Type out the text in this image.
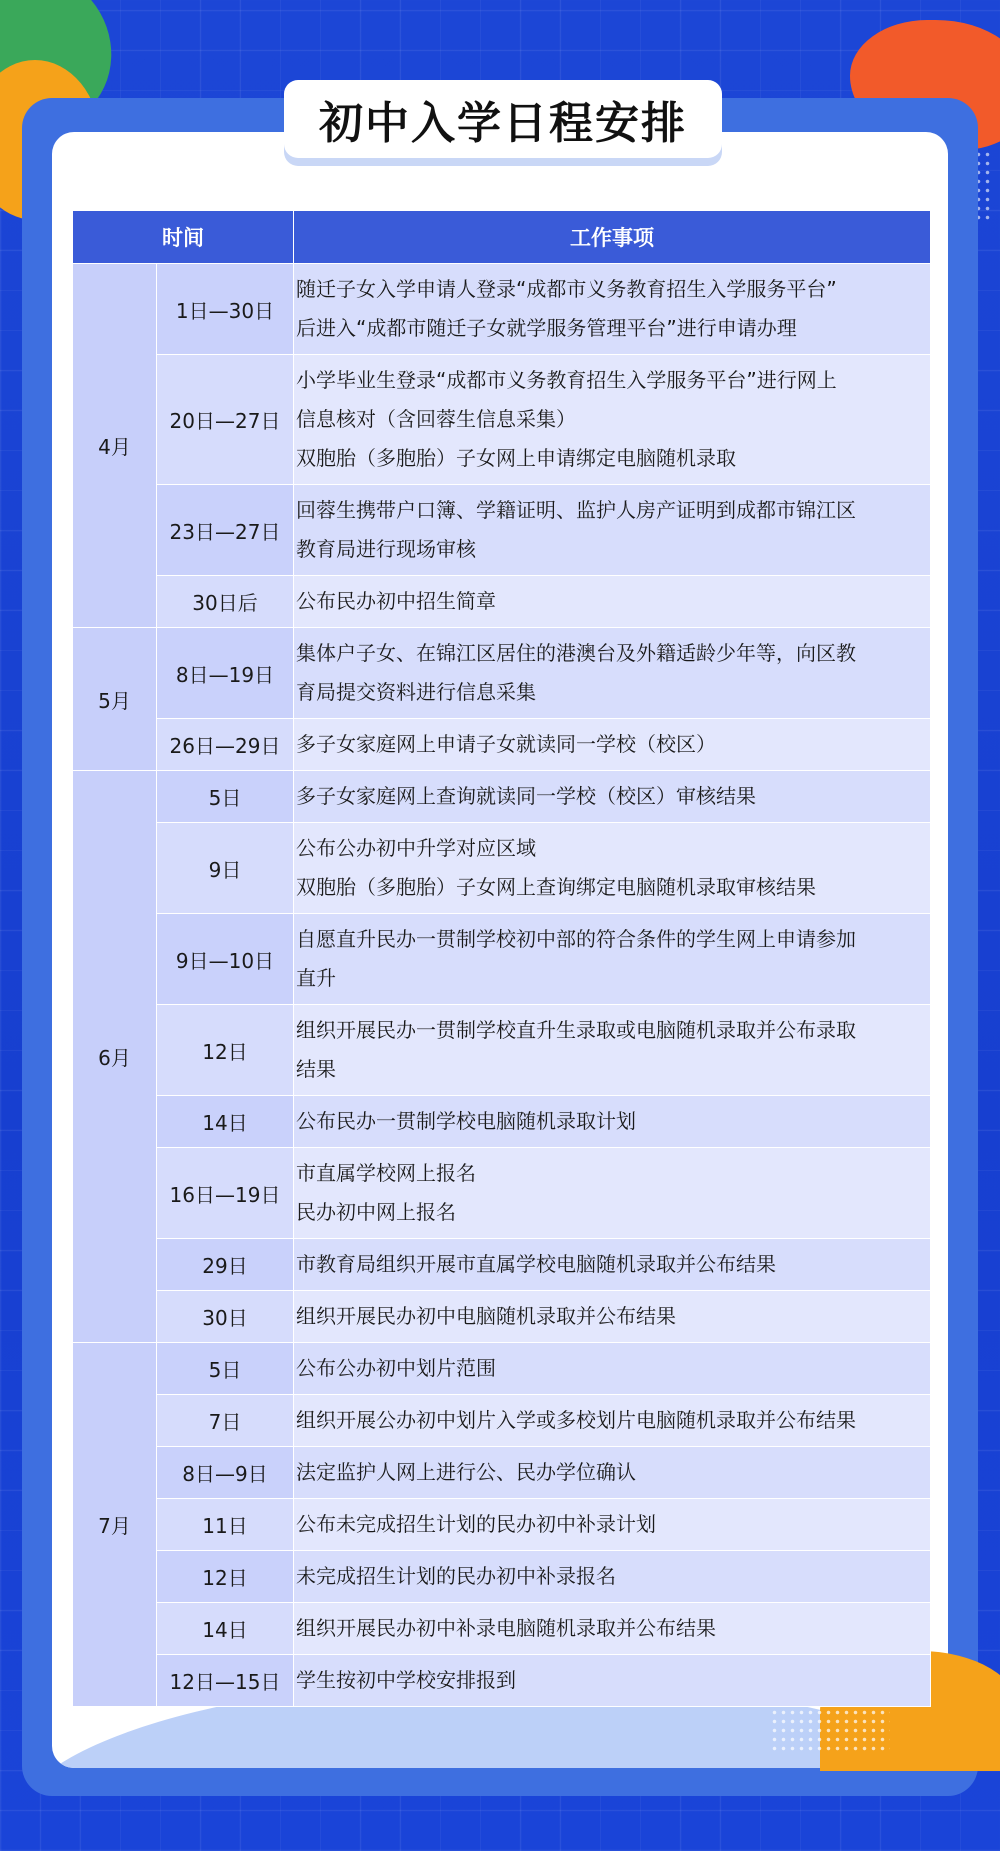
初中入学日程安排
时间		工作事项
4月	1日—30日	随迁子女入学申请人登录“成都市义务教育招生入学服务平台”
后进入“成都市随迁子女就学服务管理平台”进行申请办理

	20日—27日	小学毕业生登录“成都市义务教育招生入学服务平台”进行网上
信息核对（含回蓉生信息采集）
双胞胎（多胞胎）子女网上申请绑定电脑随机录取

	23日—27日	回蓉生携带户口簿、学籍证明、监护人房产证明到成都市锦江区
教育局进行现场审核

	30日后	公布民办初中招生简章

5月	8日—19日	集体户子女、在锦江区居住的港澳台及外籍适龄少年等，向区教
育局提交资料进行信息采集

	26日—29日	多子女家庭网上申请子女就读同一学校（校区）

6月	5日	多子女家庭网上查询就读同一学校（校区）审核结果

	9日	公布公办初中升学对应区域
双胞胎（多胞胎）子女网上查询绑定电脑随机录取审核结果

	9日—10日	自愿直升民办一贯制学校初中部的符合条件的学生网上申请参加
直升

	12日	组织开展民办一贯制学校直升生录取或电脑随机录取并公布录取
结果

	14日	公布民办一贯制学校电脑随机录取计划

	16日—19日	市直属学校网上报名
民办初中网上报名

	29日	市教育局组织开展市直属学校电脑随机录取并公布结果

	30日	组织开展民办初中电脑随机录取并公布结果

7月	5日	公布公办初中划片范围

	7日	组织开展公办初中划片入学或多校划片电脑随机录取并公布结果

	8日—9日	法定监护人网上进行公、民办学位确认

	11日	公布未完成招生计划的民办初中补录计划

	12日	未完成招生计划的民办初中补录报名

	14日	组织开展民办初中补录电脑随机录取并公布结果

	12日—15日	学生按初中学校安排报到
